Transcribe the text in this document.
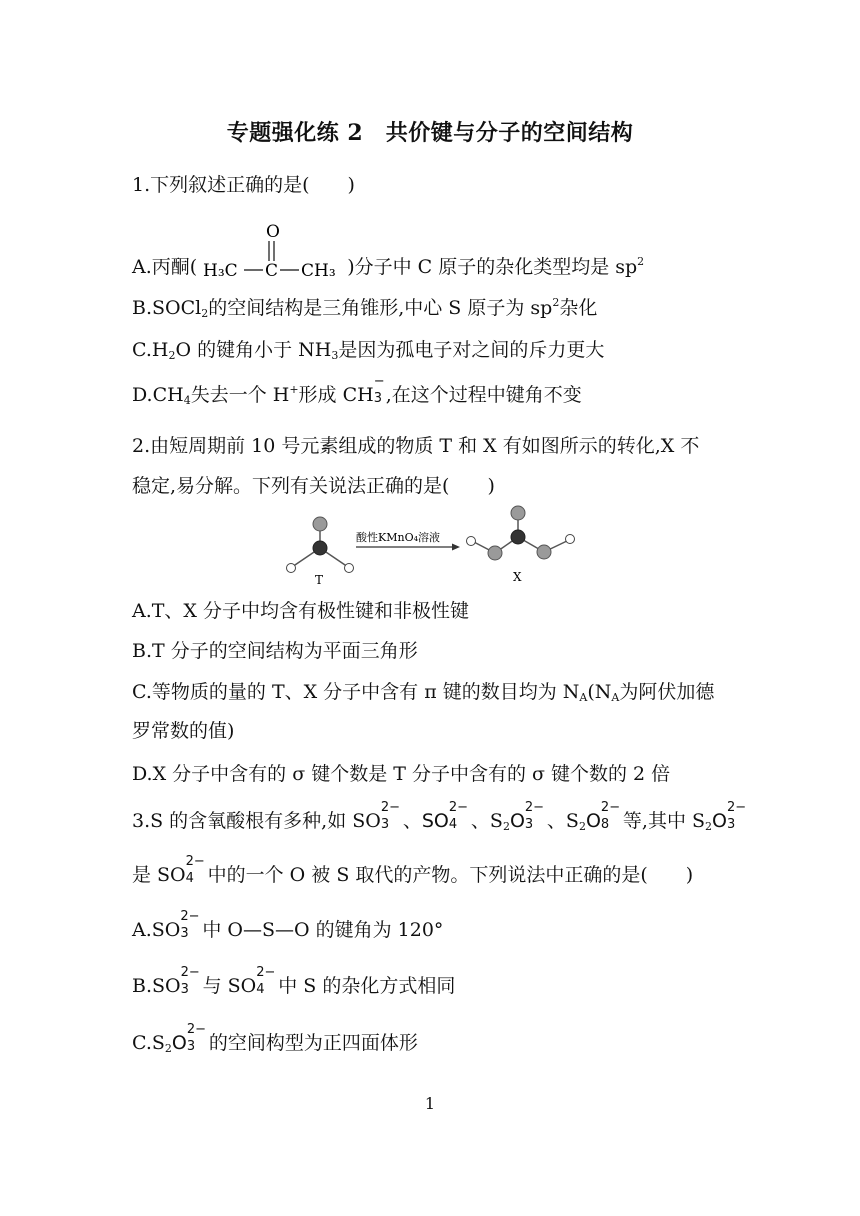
专题强化练 2　共价键与分子的空间结构
1.下列叙述正确的是(　　)
A.丙酮(
O
H₃C C CH₃ )分子中 C 原子的杂化类型均是 $sp^2$
B.SOCl$_2$的空间结构是三角锥形,中心 S 原子为 $sp^2$杂化
$C.H_2O$ 的键角小于 $NH_3$是因为孤电子对之间的斥力更大
$D.CH_4$失去一个 H+形成 CH
−
3 ,在这个过程中键角不变
2.由短周期前 10 号元素组成的物质 T 和 X 有如图所示的转化,X 不
稳定,易分解。下列有关说法正确的是(　　)
T
酸性KMnO₄溶液
X
A.T、X 分子中均含有极性键和非极性键
B.T 分子的空间结构为平面三角形
C.等物质的量的 T、X 分子中含有 π 键的数目均为 $N_A(N_A$为阿伏加德
罗常数的值)
D.X 分子中含有的 σ 键个数是 T 分子中含有的 σ 键个数的 2 倍
3.S 的含氧酸根有多种,如 SO
2−
3 、SO
2−
4 、$S_2O$
2−
3 、$S_2O$
2−
8 等,其中 $S_2O$
2−
3
是 SO
2−
4 中的一个 O 被 S 取代的产物。下列说法中正确的是(　　)
A.SO
2−
3 中 O—S—O 的键角为 120°
B.SO
2−
3 与 SO
2−
4 中 S 的杂化方式相同
$C.S_2O$
2−
3 的空间构型为正四面体形
1
